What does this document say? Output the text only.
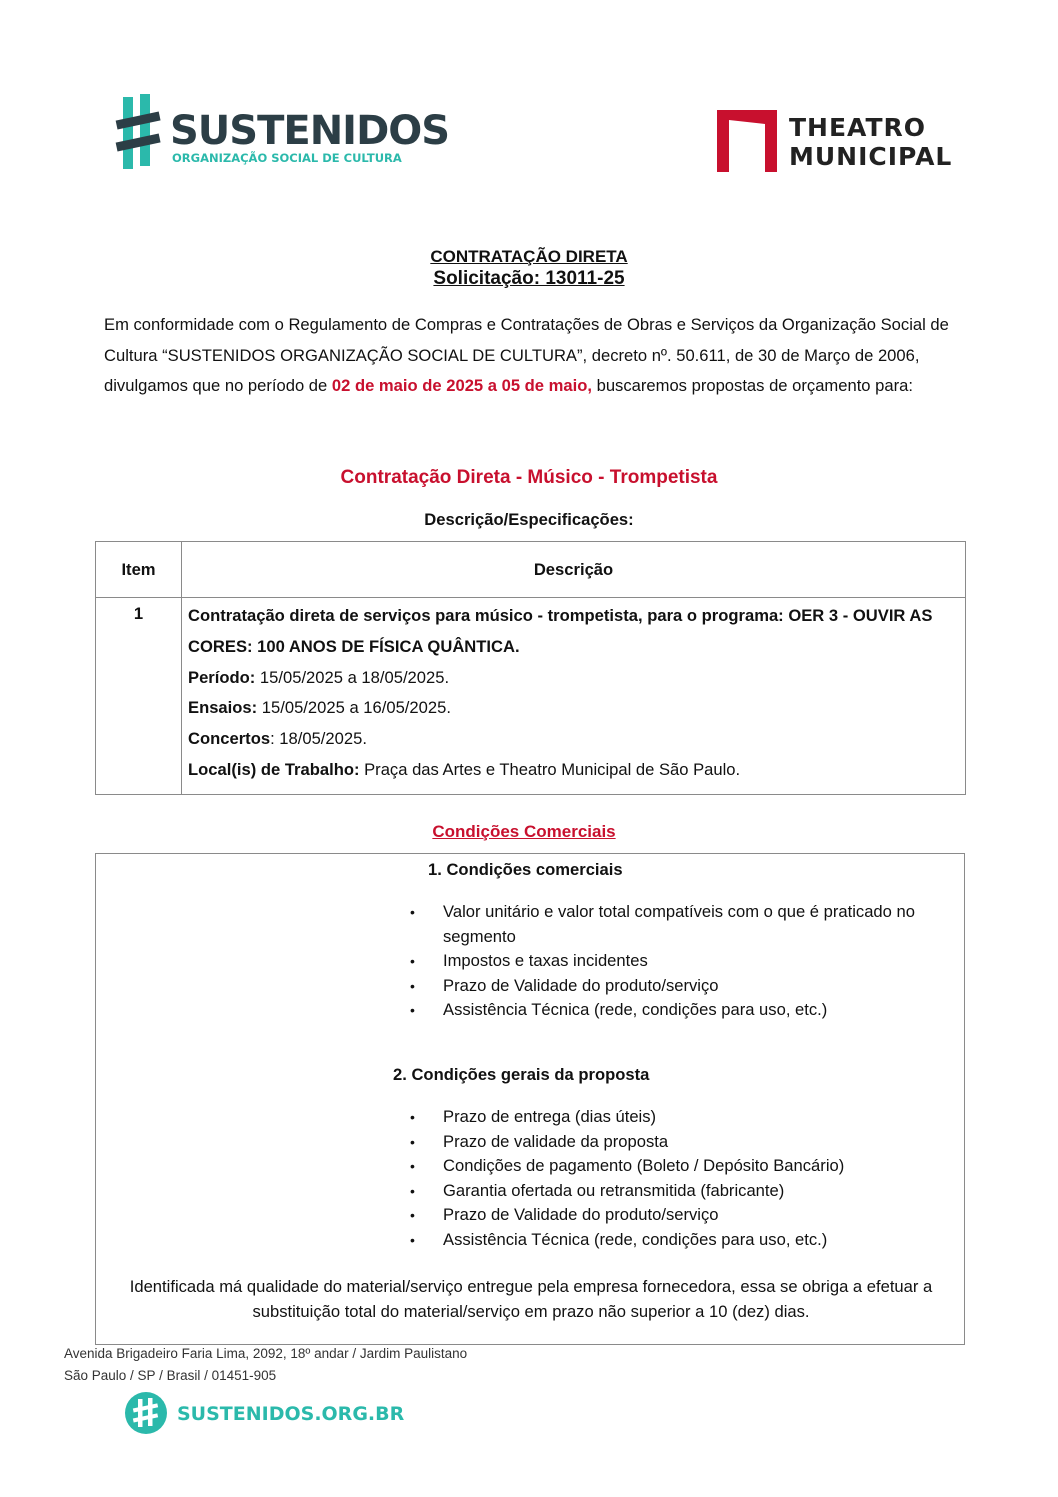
SUSTENIDOS
ORGANIZAÇÃO SOCIAL DE CULTURA
THEATRO
MUNICIPAL
CONTRATAÇÃO DIRETA
Solicitação: 13011-25
Em conformidade com o Regulamento de Compras e Contratações de Obras e Serviços da Organização Social de Cultura “SUSTENIDOS ORGANIZAÇÃO SOCIAL DE CULTURA”, decreto nº. 50.611, de 30 de Março de 2006, divulgamos que no período de 02 de maio de 2025 a 05 de maio, buscaremos propostas de orçamento para:
Contratação Direta - Músico - Trompetista
Descrição/Especificações:
Item	Descrição
1	Contratação direta de serviços para músico - trompetista, para o programa: OER 3 - OUVIR AS CORES: 100 ANOS DE FÍSICA QUÂNTICA.
Período: 15/05/2025 a 18/05/2025.
Ensaios: 15/05/2025 a 16/05/2025.
Concertos: 18/05/2025.
Local(is) de Trabalho: Praça das Artes e Theatro Municipal de São Paulo.
Condições Comerciais
1. Condições comerciais
• Valor unitário e valor total compatíveis com o que é praticado no segmento
• Impostos e taxas incidentes
• Prazo de Validade do produto/serviço
• Assistência Técnica (rede, condições para uso, etc.)
2. Condições gerais da proposta
• Prazo de entrega (dias úteis)
• Prazo de validade da proposta
• Condições de pagamento (Boleto / Depósito Bancário)
• Garantia ofertada ou retransmitida (fabricante)
• Prazo de Validade do produto/serviço
• Assistência Técnica (rede, condições para uso, etc.)
Identificada má qualidade do material/serviço entregue pela empresa fornecedora, essa se obriga a efetuar a substituição total do material/serviço em prazo não superior a 10 (dez) dias.
Avenida Brigadeiro Faria Lima, 2092, 18º andar / Jardim Paulistano
São Paulo / SP / Brasil / 01451-905
SUSTENIDOS.ORG.BR
